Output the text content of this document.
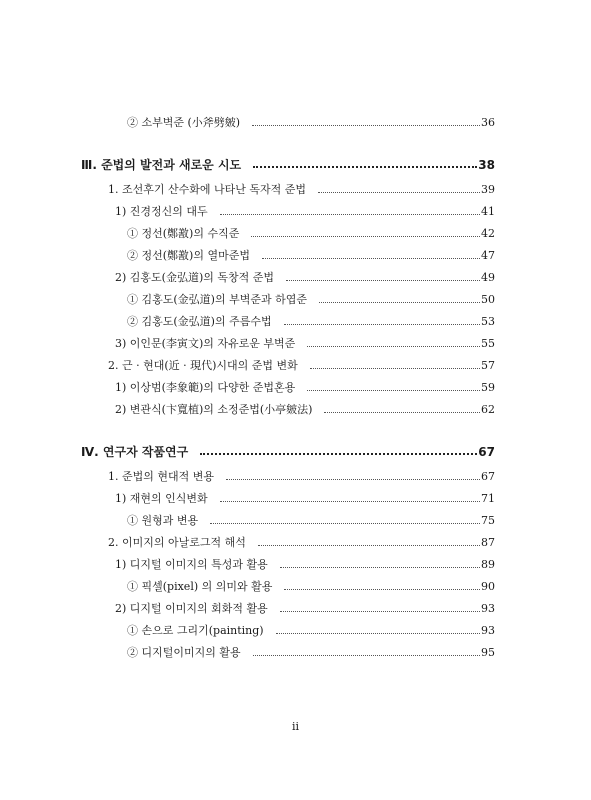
② 소부벽준 (小斧劈皴)	36
Ⅲ. 준법의 발전과 새로운 시도	38
1. 조선후기 산수화에 나타난 독자적 준법	39
1) 진경정신의 대두	41
① 정선(鄭敾)의 수직준	42
② 정선(鄭敾)의 열마준법	47
2) 김홍도(金弘道)의 독창적 준법	49
① 김홍도(金弘道)의 부벽준과 하엽준	50
② 김홍도(金弘道)의 주름수법	53
3) 이인문(李寅文)의 자유로운 부벽준	55
2. 근 · 현대(近 · 現代)시대의 준법 변화	57
1) 이상범(李象範)의 다양한 준법혼용	59
2) 변관식(卞寬植)의 소정준법(小亭皴法)	62
Ⅳ. 연구자 작품연구	67
1. 준법의 현대적 변용	67
1) 재현의 인식변화	71
① 원형과 변용	75
2. 이미지의 아날로그적 해석	87
1) 디지털 이미지의 특성과 활용	89
① 픽셀(pixel) 의 의미와 활용	90
2) 디지털 이미지의 회화적 활용	93
① 손으로 그리기(painting)	93
② 디지털이미지의 활용	95
ii
